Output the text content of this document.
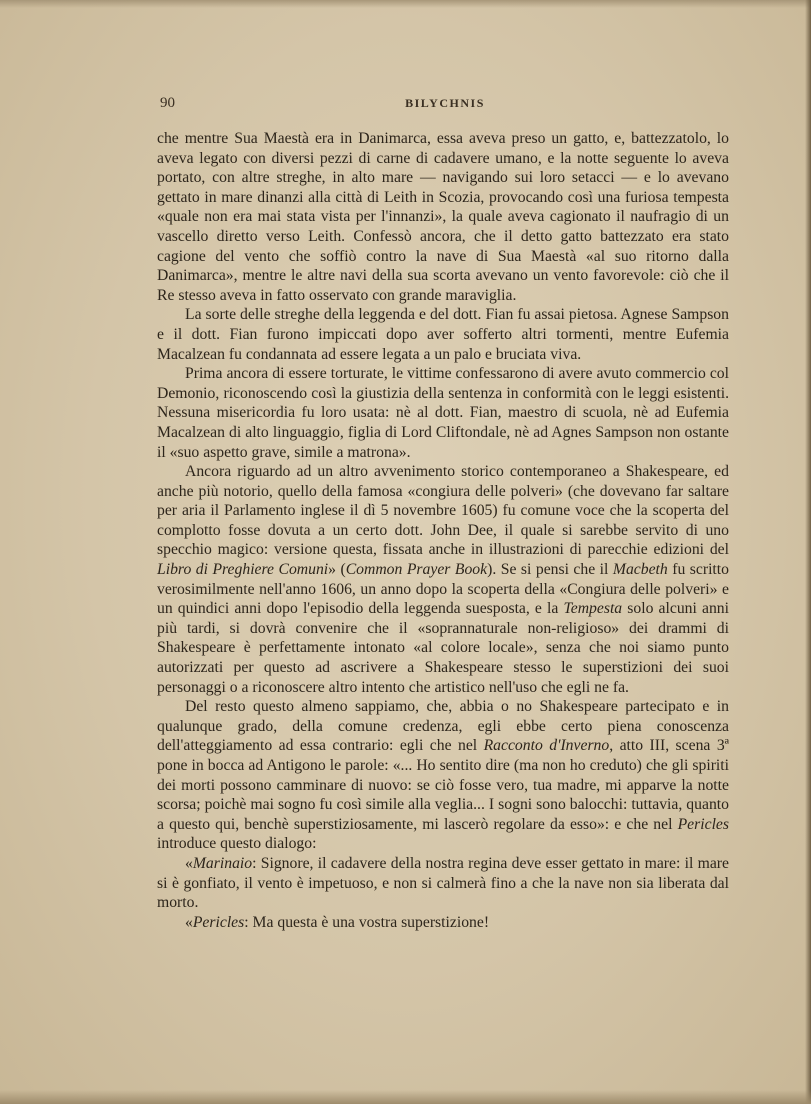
90	BILYCHNIS

che mentre Sua Maestà era in Danimarca, essa aveva preso un gatto, e, battezzatolo, lo aveva legato con diversi pezzi di carne di cadavere umano, e la notte seguente lo aveva portato, con altre streghe, in alto mare — navigando sui loro setacci — e lo avevano gettato in mare dinanzi alla città di Leith in Scozia, provocando così una furiosa tempesta «quale non era mai stata vista per l'innanzi», la quale aveva cagionato il naufragio di un vascello diretto verso Leith. Confessò ancora, che il detto gatto battezzato era stato cagione del vento che soffiò contro la nave di Sua Maestà «al suo ritorno dalla Danimarca», mentre le altre navi della sua scorta avevano un vento favorevole: ciò che il Re stesso aveva in fatto osservato con grande maraviglia.

La sorte delle streghe della leggenda e del dott. Fian fu assai pietosa. Agnese Sampson e il dott. Fian furono impiccati dopo aver sofferto altri tormenti, mentre Eufemia Macalzean fu condannata ad essere legata a un palo e bruciata viva.

Prima ancora di essere torturate, le vittime confessarono di avere avuto commercio col Demonio, riconoscendo così la giustizia della sentenza in conformità con le leggi esistenti. Nessuna misericordia fu loro usata: nè al dott. Fian, maestro di scuola, nè ad Eufemia Macalzean di alto linguaggio, figlia di Lord Cliftondale, nè ad Agnes Sampson non ostante il «suo aspetto grave, simile a matrona».

Ancora riguardo ad un altro avvenimento storico contemporaneo a Shakespeare, ed anche più notorio, quello della famosa «congiura delle polveri» (che dovevano far saltare per aria il Parlamento inglese il dì 5 novembre 1605) fu comune voce che la scoperta del complotto fosse dovuta a un certo dott. John Dee, il quale si sarebbe servito di uno specchio magico: versione questa, fissata anche in illustrazioni di parecchie edizioni del Libro di Preghiere Comuni» (Common Prayer Book). Se si pensi che il Macbeth fu scritto verosimilmente nell'anno 1606, un anno dopo la scoperta della «Congiura delle polveri» e un quindici anni dopo l'episodio della leggenda suesposta, e la Tempesta solo alcuni anni più tardi, si dovrà convenire che il «soprannaturale non-religioso» dei drammi di Shakespeare è perfettamente intonato «al colore locale», senza che noi siamo punto autorizzati per questo ad ascrivere a Shakespeare stesso le superstizioni dei suoi personaggi o a riconoscere altro intento che artistico nell'uso che egli ne fa.

Del resto questo almeno sappiamo, che, abbia o no Shakespeare partecipato e in qualunque grado, della comune credenza, egli ebbe certo piena conoscenza dell'atteggiamento ad essa contrario: egli che nel Racconto d'Inverno, atto III, scena 3ª pone in bocca ad Antigono le parole: «... Ho sentito dire (ma non ho creduto) che gli spiriti dei morti possono camminare di nuovo: se ciò fosse vero, tua madre, mi apparve la notte scorsa; poichè mai sogno fu così simile alla veglia... I sogni sono balocchi: tuttavia, quanto a questo qui, benchè superstiziosamente, mi lascerò regolare da esso»: e che nel Pericles introduce questo dialogo:

«Marinaio: Signore, il cadavere della nostra regina deve esser gettato in mare: il mare si è gonfiato, il vento è impetuoso, e non si calmerà fino a che la nave non sia liberata dal morto.

«Pericles: Ma questa è una vostra superstizione!
